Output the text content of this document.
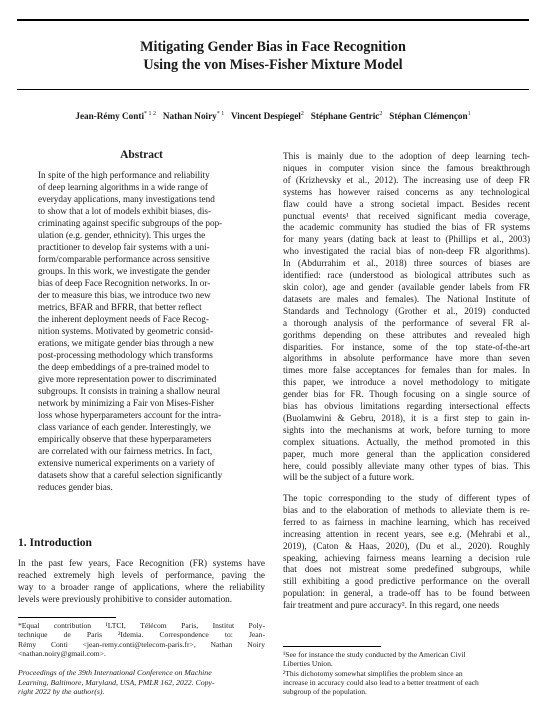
Mitigating Gender Bias in Face Recognition
Using the von Mises-Fisher Mixture Model
Jean-Rémy Conti$^{* 1 2}$ Nathan Noiry$^{* 1}$ Vincent Despiegel$^2$ Stéphane Gentric$^2$ Stéphan Clémençon$^1$
Abstract
In spite of the high performance and reliability
of deep learning algorithms in a wide range of
everyday applications, many investigations tend
to show that a lot of models exhibit biases, dis-
criminating against specific subgroups of the pop-
ulation (e.g. gender, ethnicity). This urges the
practitioner to develop fair systems with a uni-
form/comparable performance across sensitive
groups. In this work, we investigate the gender
bias of deep Face Recognition networks. In or-
der to measure this bias, we introduce two new
metrics, BFAR and BFRR, that better reflect
the inherent deployment needs of Face Recog-
nition systems. Motivated by geometric consid-
erations, we mitigate gender bias through a new
post-processing methodology which transforms
the deep embeddings of a pre-trained model to
give more representation power to discriminated
subgroups. It consists in training a shallow neural
network by minimizing a Fair von Mises-Fisher
loss whose hyperparameters account for the intra-
class variance of each gender. Interestingly, we
empirically observe that these hyperparameters
are correlated with our fairness metrics. In fact,
extensive numerical experiments on a variety of
datasets show that a careful selection significantly
reduces gender bias.
1. Introduction
In the past few years, Face Recognition (FR) systems have
reached extremely high levels of performance, paving the
way to a broader range of applications, where the reliability
levels were previously prohibitive to consider automation.
*Equal contribution ¹LTCI, Télécom Paris, Institut Poly-
technique de Paris ²Idemia. Correspondence to: Jean-
Rémy Conti <jean-remy.conti@telecom-paris.fr>, Nathan Noiry
<nathan.noiry@gmail.com>.
Proceedings of the 39th International Conference on Machine
Learning, Baltimore, Maryland, USA, PMLR 162, 2022. Copy-
right 2022 by the author(s).
This is mainly due to the adoption of deep learning tech-
niques in computer vision since the famous breakthrough
of (Krizhevsky et al., 2012). The increasing use of deep FR
systems has however raised concerns as any technological
flaw could have a strong societal impact. Besides recent
punctual events¹ that received significant media coverage,
the academic community has studied the bias of FR systems
for many years (dating back at least to (Phillips et al., 2003)
who investigated the racial bias of non-deep FR algorithms).
In (Abdurrahim et al., 2018) three sources of biases are
identified: race (understood as biological attributes such as
skin color), age and gender (available gender labels from FR
datasets are males and females). The National Institute of
Standards and Technology (Grother et al., 2019) conducted
a thorough analysis of the performance of several FR al-
gorithms depending on these attributes and revealed high
disparities. For instance, some of the top state-of-the-art
algorithms in absolute performance have more than seven
times more false acceptances for females than for males. In
this paper, we introduce a novel methodology to mitigate
gender bias for FR. Though focusing on a single source of
bias has obvious limitations regarding intersectional effects
(Buolamwini & Gebru, 2018), it is a first step to gain in-
sights into the mechanisms at work, before turning to more
complex situations. Actually, the method promoted in this
paper, much more general than the application considered
here, could possibly alleviate many other types of bias. This
will be the subject of a future work.
The topic corresponding to the study of different types of
bias and to the elaboration of methods to alleviate them is re-
ferred to as fairness in machine learning, which has received
increasing attention in recent years, see e.g. (Mehrabi et al.,
2019), (Caton & Haas, 2020), (Du et al., 2020). Roughly
speaking, achieving fairness means learning a decision rule
that does not mistreat some predefined subgroups, while
still exhibiting a good predictive performance on the overall
population: in general, a trade-off has to be found between
fair treatment and pure accuracy². In this regard, one needs
¹See for instance the study conducted by the American Civil
Liberties Union.
²This dichotomy somewhat simplifies the problem since an
increase in accuracy could also lead to a better treatment of each
subgroup of the population.
